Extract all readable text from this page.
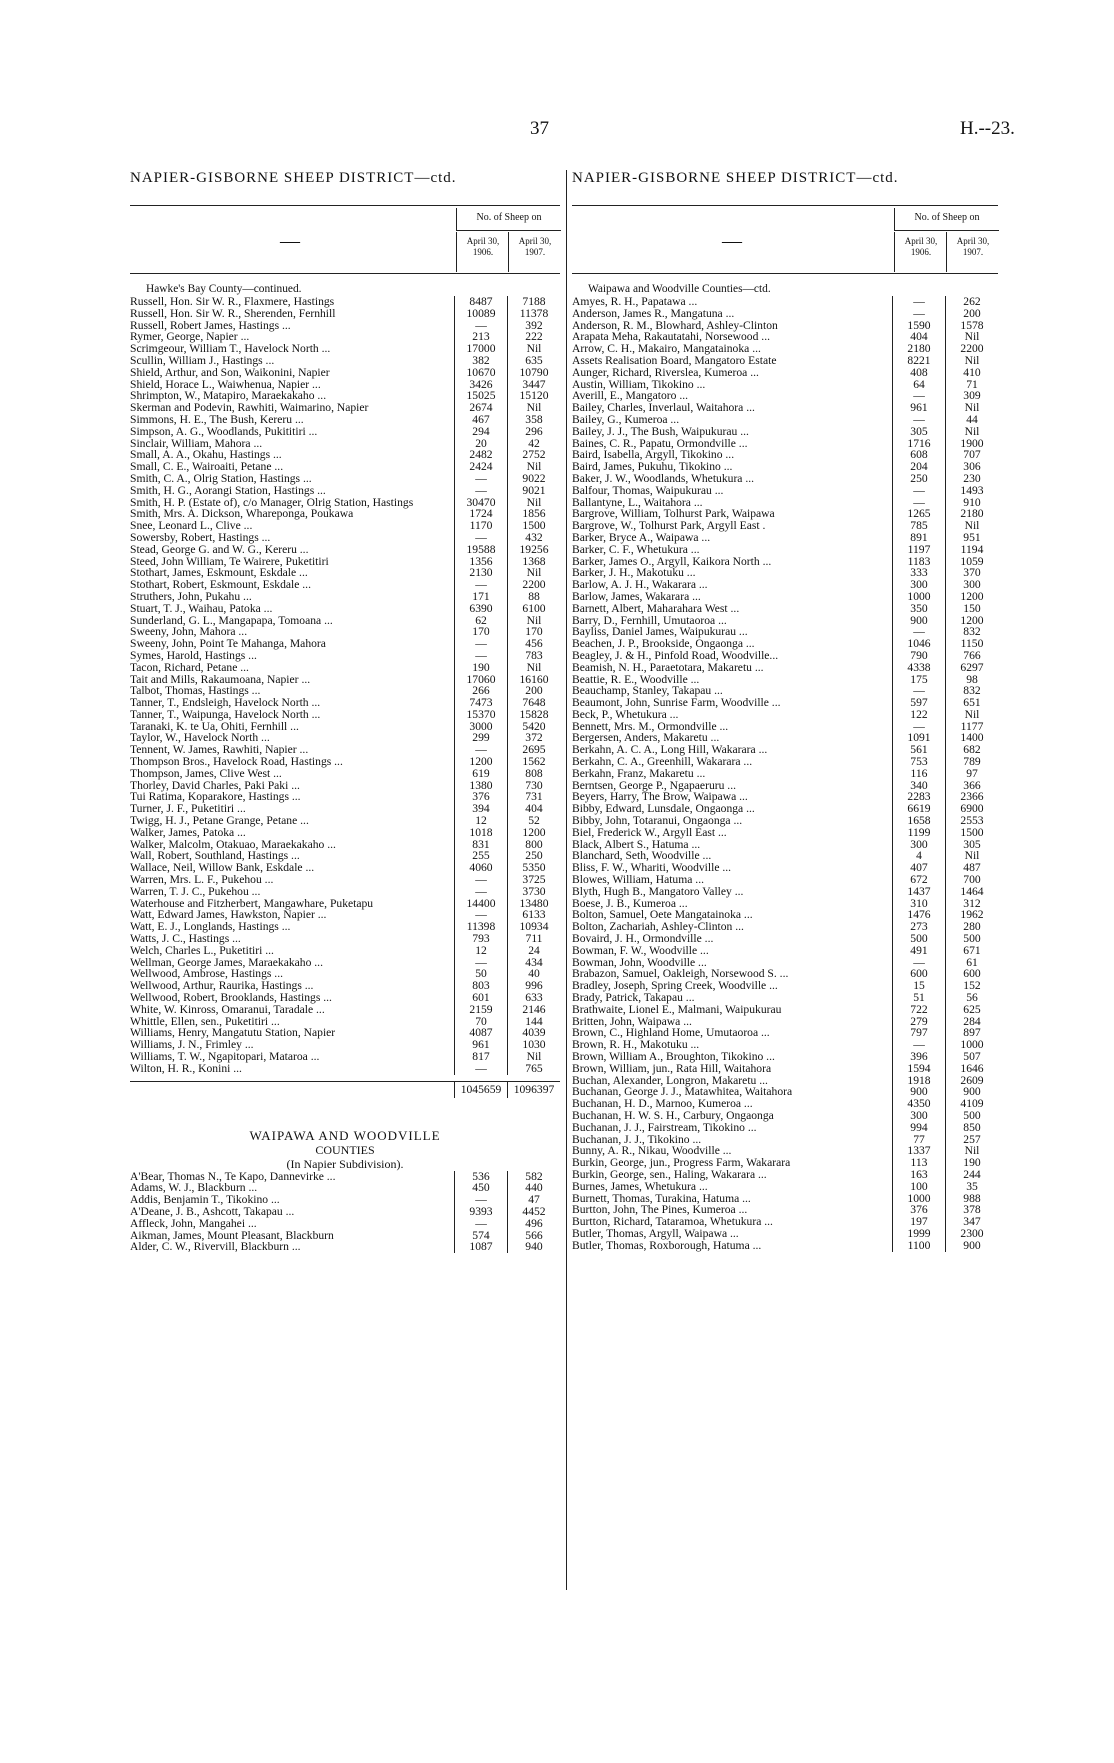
37	H.--23.
NAPIER-GISBORNE SHEEP DISTRICT—ctd.
—
No. of Sheep on
April 30, 1906.
April 30, 1907.
Hawke's Bay County—continued.
Russell, Hon. Sir W. R., Flaxmere, Hastings	8487	7188
Russell, Hon. Sir W. R., Sherenden, Fernhill	10089	11378
Russell, Robert James, Hastings ...	—	392
Rymer, George, Napier ...	213	222
Scrimgeour, William T., Havelock North ...	17000	Nil
Scullin, William J., Hastings ...	382	635
Shield, Arthur, and Son, Waikonini, Napier	10670	10790
Shield, Horace L., Waiwhenua, Napier ...	3426	3447
Shrimpton, W., Matapiro, Maraekakaho ...	15025	15120
Skerman and Podevin, Rawhiti, Waimarino, Napier	2674	Nil
Simmons, H. E., The Bush, Kereru ...	467	358
Simpson, A. G., Woodlands, Pukititiri ...	294	296
Sinclair, William, Mahora ...	20	42
Small, A. A., Okahu, Hastings ...	2482	2752
Small, C. E., Wairoaiti, Petane ...	2424	Nil
Smith, C. A., Olrig Station, Hastings ...	—	9022
Smith, H. G., Aorangi Station, Hastings ...	—	9021
Smith, H. P. (Estate of), c/o Manager, Olrig Station, Hastings	30470	Nil
Smith, Mrs. A. Dickson, Wharepongа, Poukawa	1724	1856
Snee, Leonard L., Clive ...	1170	1500
Sowersby, Robert, Hastings ...	—	432
Stead, George G. and W. G., Kereru ...	19588	19256
Steed, John William, Te Wairere, Puketitiri	1356	1368
Stothart, James, Eskmount, Eskdale ...	2130	Nil
Stothart, Robert, Eskmount, Eskdale ...	—	2200
Struthers, John, Pukahu ...	171	88
Stuart, T. J., Waihau, Patoka ...	6390	6100
Sunderland, G. L., Mangapapa, Tomoana ...	62	Nil
Sweeny, John, Mahora ...	170	170
Sweeny, John, Point Te Mahanga, Mahora	—	456
Symes, Harold, Hastings ...	—	783
Tacon, Richard, Petane ...	190	Nil
Tait and Mills, Rakaumoana, Napier ...	17060	16160
Talbot, Thomas, Hastings ...	266	200
Tanner, T., Endsleigh, Havelock North ...	7473	7648
Tanner, T., Waipunga, Havelock North ...	15370	15828
Taranaki, K. te Ua, Ohiti, Fernhill ...	3000	5420
Taylor, W., Havelock North ...	299	372
Tennent, W. James, Rawhiti, Napier ...	—	2695
Thompson Bros., Havelock Road, Hastings ...	1200	1562
Thompson, James, Clive West ...	619	808
Thorley, David Charles, Paki Paki ...	1380	730
Tui Ratima, Koparakore, Hastings ...	376	731
Turner, J. F., Puketitiri ...	394	404
Twigg, H. J., Petane Grange, Petane ...	12	52
Walker, James, Patoka ...	1018	1200
Walker, Malcolm, Otakuao, Maraekakaho ...	831	800
Wall, Robert, Southland, Hastings ...	255	250
Wallace, Neil, Willow Bank, Eskdale ...	4060	5350
Warren, Mrs. L. F., Pukehou ...	—	3725
Warren, T. J. C., Pukehou ...	—	3730
Waterhouse and Fitzherbert, Mangawhare, Puketapu	14400	13480
Watt, Edward James, Hawkston, Napier ...	—	6133
Watt, E. J., Longlands, Hastings ...	11398	10934
Watts, J. C., Hastings ...	793	711
Welch, Charles L., Puketitiri ...	12	24
Wellman, George James, Maraekakaho ...	—	434
Wellwood, Ambrose, Hastings ...	50	40
Wellwood, Arthur, Raurika, Hastings ...	803	996
Wellwood, Robert, Brooklands, Hastings ...	601	633
White, W. Kinross, Omaranui, Taradale ...	2159	2146
Whittle, Ellen, sen., Puketitiri ...	70	144
Williams, Henry, Mangatutu Station, Napier	4087	4039
Williams, J. N., Frimley ...	961	1030
Williams, T. W., Ngapitopari, Mataroa ...	817	Nil
Wilton, H. R., Konini ...	—	765
1045659	1096397
WAIPAWA AND WOODVILLE
COUNTIES
(In Napier Subdivision).
A'Bear, Thomas N., Te Kapo, Dannevirke ...	536	582
Adams, W. J., Blackburn ...	450	440
Addis, Benjamin T., Tikokino ...	—	47
A'Deane, J. B., Ashcott, Takapau ...	9393	4452
Affleck, John, Mangahei ...	—	496
Aikman, James, Mount Pleasant, Blackburn	574	566
Alder, C. W., Rivervill, Blackburn ...	1087	940
NAPIER-GISBORNE SHEEP DISTRICT—ctd.
—
No. of Sheep on
April 30, 1906.
April 30, 1907.
Waipawa and Woodville Counties—ctd.
Amyes, R. H., Papatawa ...	—	262
Anderson, James R., Mangatuna ...	—	200
Anderson, R. M., Blowhard, Ashley-Clinton	1590	1578
Arapata Meha, Rakautatahi, Norsewood ...	404	Nil
Arrow, C. H., Makairo, Mangatainoka ...	2180	2200
Assets Realisation Board, Mangatoro Estate	8221	Nil
Aunger, Richard, Riverslea, Kumeroa ...	408	410
Austin, William, Tikokino ...	64	71
Averill, E., Mangatoro ...	—	309
Bailey, Charles, Inverlaul, Waitahora ...	961	Nil
Bailey, G., Kumeroa ...	—	44
Bailey, J. J., The Bush, Waipukurau ...	305	Nil
Baines, C. R., Papatu, Ormondville ...	1716	1900
Baird, Isabella, Argyll, Tikokino ...	608	707
Baird, James, Pukuhu, Tikokino ...	204	306
Baker, J. W., Woodlands, Whetukura ...	250	230
Balfour, Thomas, Waipukurau ...	—	1493
Ballantyne, L., Waitahora ...	—	910
Bargrove, William, Tolhurst Park, Waipawa	1265	2180
Bargrove, W., Tolhurst Park, Argyll East .	785	Nil
Barker, Bryce A., Waipawa ...	891	951
Barker, C. F., Whetukura ...	1197	1194
Barker, James O., Argyll, Kaikora North ...	1183	1059
Barker, J. H., Makotuku ...	333	370
Barlow, A. J. H., Wakarara ...	300	300
Barlow, James, Wakarara ...	1000	1200
Barnett, Albert, Maharahara West ...	350	150
Barry, D., Fernhill, Umutaoroa ...	900	1200
Bayliss, Daniel James, Waipukurau ...	—	832
Beachen, J. P., Brookside, Ongaonga ...	1046	1150
Beagley, J. & H., Pinfold Road, Woodville...	790	766
Beamish, N. H., Paraetotara, Makaretu ...	4338	6297
Beattie, R. E., Woodville ...	175	98
Beauchamp, Stanley, Takapau ...	—	832
Beaumont, John, Sunrise Farm, Woodville ...	597	651
Beck, P., Whetukura ...	122	Nil
Bennett, Mrs. M., Ormondville ...	—	1177
Bergersen, Anders, Makaretu ...	1091	1400
Berkahn, A. C. A., Long Hill, Wakarara ...	561	682
Berkahn, C. A., Greenhill, Wakarara ...	753	789
Berkahn, Franz, Makaretu ...	116	97
Berntsen, George P., Ngapaeruru ...	340	366
Beyers, Harry, The Brow, Waipawa ...	2283	2366
Bibby, Edward, Lunsdale, Ongaonga ...	6619	6900
Bibby, John, Totaranui, Ongaonga ...	1658	2553
Biel, Frederick W., Argyll East ...	1199	1500
Black, Albert S., Hatuma ...	300	305
Blanchard, Seth, Woodville ...	4	Nil
Bliss, F. W., Whariti, Woodville ...	407	487
Blowes, William, Hatuma ...	672	700
Blyth, Hugh B., Mangatoro Valley ...	1437	1464
Boese, J. B., Kumeroa ...	310	312
Bolton, Samuel, Oete Mangatainoka ...	1476	1962
Bolton, Zachariah, Ashley-Clinton ...	273	280
Bovaird, J. H., Ormondville ...	500	500
Bowman, F. W., Woodville ...	491	671
Bowman, John, Woodville ...	—	61
Brabazon, Samuel, Oakleigh, Norsewood S. ...	600	600
Bradley, Joseph, Spring Creek, Woodville ...	15	152
Brady, Patrick, Takapau ...	51	56
Brathwaite, Lionel E., Malmani, Waipukurau	722	625
Britten, John, Waipawa ...	279	284
Brown, C., Highland Home, Umutaoroa ...	797	897
Brown, R. H., Makotuku ...	—	1000
Brown, William A., Broughton, Tikokino ...	396	507
Brown, William, jun., Rata Hill, Waitahora	1594	1646
Buchan, Alexander, Longron, Makaretu ...	1918	2609
Buchanan, George J. J., Matawhitea, Waitahora	900	900
Buchanan, H. D., Marnoo, Kumeroa ...	4350	4109
Buchanan, H. W. S. H., Carbury, Ongaonga	300	500
Buchanan, J. J., Fairstream, Tikokino ...	994	850
Buchanan, J. J., Tikokino ...	77	257
Bunny, A. R., Nikau, Woodville ...	1337	Nil
Burkin, George, jun., Progress Farm, Wakarara	113	190
Burkin, George, sen., Haling, Wakarara ...	163	244
Burnes, James, Whetukura ...	100	35
Burnett, Thomas, Turakina, Hatuma ...	1000	988
Burtton, John, The Pines, Kumeroa ...	376	378
Burtton, Richard, Tataramoa, Whetukura ...	197	347
Butler, Thomas, Argyll, Waipawa ...	1999	2300
Butler, Thomas, Roxborough, Hatuma ...	1100	900
